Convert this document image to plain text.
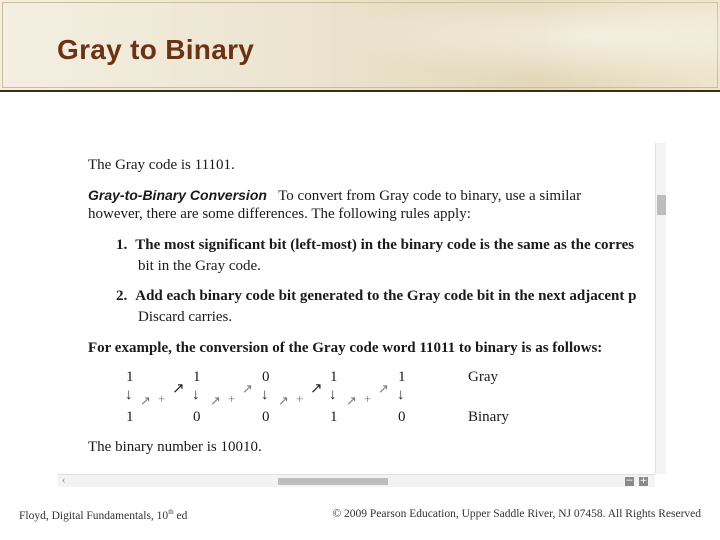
Gray to Binary
The Gray code is 11101.
Gray-to-Binary Conversion To convert from Gray code to binary, use a similar
however, there are some differences. The following rules apply:
1. The most significant bit (left-most) in the binary code is the same as the corres
bit in the Gray code.
2. Add each binary code bit generated to the Gray code bit in the next adjacent p
Discard carries.
For example, the conversion of the Gray code word 11011 to binary is as follows:
1	1	0	1	1	Gray
↓	↓	↓	↓	↓
↗ +
↗
↗ +
↗
↗ +
↗
↗ +
↗
1	0	0	1	0	Binary
The binary number is 10010.
‹	− +
Floyd, Digital Fundamentals, 10th ed	© 2009 Pearson Education, Upper Saddle River, NJ 07458. All Rights Reserved
